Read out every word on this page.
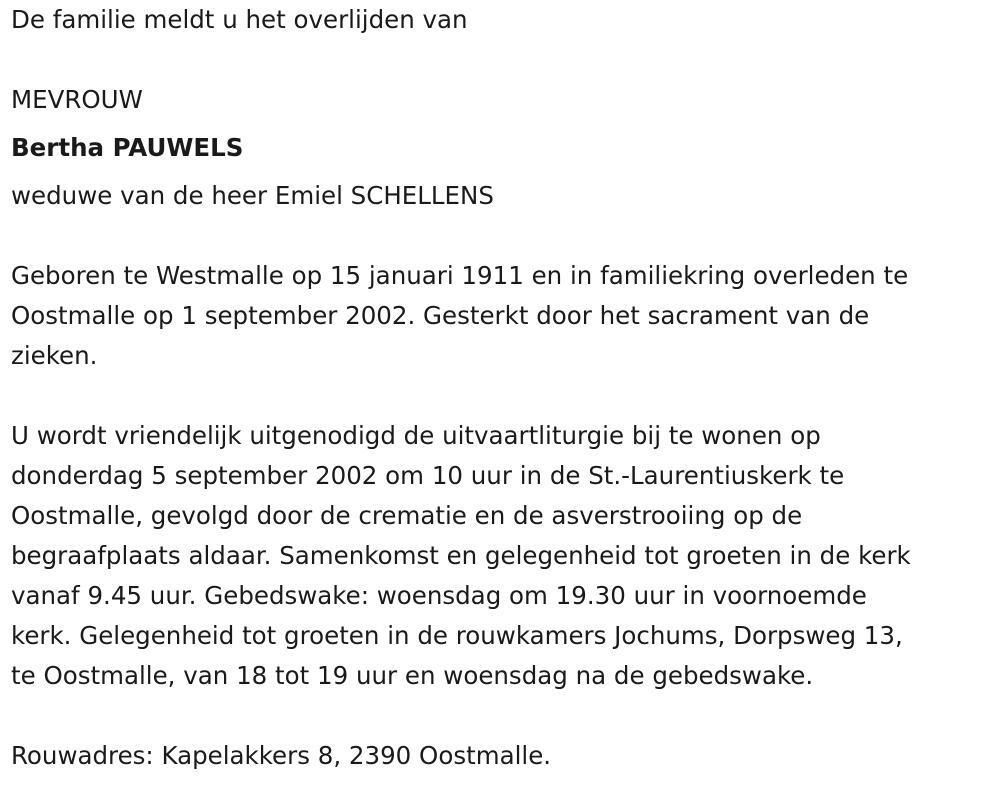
De familie meldt u het overlijden van

MEVROUW

Bertha PAUWELS

weduwe van de heer Emiel SCHELLENS

Geboren te Westmalle op 15 januari 1911 en in familiekring overleden te

Oostmalle op 1 september 2002. Gesterkt door het sacrament van de

zieken.

U wordt vriendelijk uitgenodigd de uitvaartliturgie bij te wonen op

donderdag 5 september 2002 om 10 uur in de St.-Laurentiuskerk te

Oostmalle, gevolgd door de crematie en de asverstrooiing op de

begraafplaats aldaar. Samenkomst en gelegenheid tot groeten in de kerk

vanaf 9.45 uur. Gebedswake: woensdag om 19.30 uur in voornoemde

kerk. Gelegenheid tot groeten in de rouwkamers Jochums, Dorpsweg 13,

te Oostmalle, van 18 tot 19 uur en woensdag na de gebedswake.

Rouwadres: Kapelakkers 8, 2390 Oostmalle.
